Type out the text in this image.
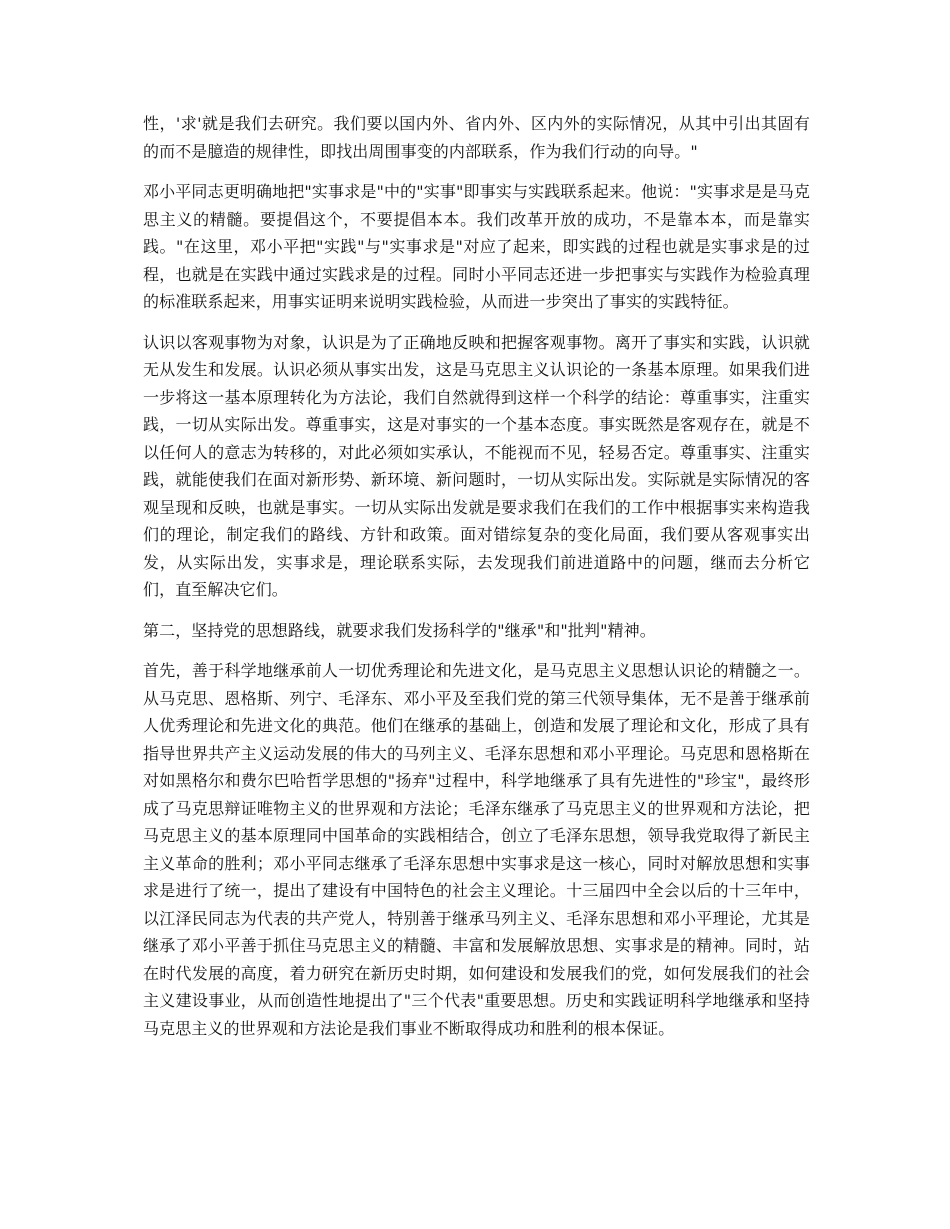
性，'求'就是我们去研究。我们要以国内外、省内外、区内外的实际情况，从其中引出其固有的而不是臆造的规律性，即找出周围事变的内部联系，作为我们行动的向导。"

邓小平同志更明确地把"实事求是"中的"实事"即事实与实践联系起来。他说："实事求是是马克思主义的精髓。要提倡这个，不要提倡本本。我们改革开放的成功，不是靠本本，而是靠实践。"在这里，邓小平把"实践"与"实事求是"对应了起来，即实践的过程也就是实事求是的过程，也就是在实践中通过实践求是的过程。同时小平同志还进一步把事实与实践作为检验真理的标准联系起来，用事实证明来说明实践检验，从而进一步突出了事实的实践特征。

认识以客观事物为对象，认识是为了正确地反映和把握客观事物。离开了事实和实践，认识就无从发生和发展。认识必须从事实出发，这是马克思主义认识论的一条基本原理。如果我们进一步将这一基本原理转化为方法论，我们自然就得到这样一个科学的结论：尊重事实，注重实践，一切从实际出发。尊重事实，这是对事实的一个基本态度。事实既然是客观存在，就是不以任何人的意志为转移的，对此必须如实承认，不能视而不见，轻易否定。尊重事实、注重实践，就能使我们在面对新形势、新环境、新问题时，一切从实际出发。实际就是实际情况的客观呈现和反映，也就是事实。一切从实际出发就是要求我们在我们的工作中根据事实来构造我们的理论，制定我们的路线、方针和政策。面对错综复杂的变化局面，我们要从客观事实出发，从实际出发，实事求是，理论联系实际，去发现我们前进道路中的问题，继而去分析它们，直至解决它们。

第二，坚持党的思想路线，就要求我们发扬科学的"继承"和"批判"精神。

首先，善于科学地继承前人一切优秀理论和先进文化，是马克思主义思想认识论的精髓之一。从马克思、恩格斯、列宁、毛泽东、邓小平及至我们党的第三代领导集体，无不是善于继承前人优秀理论和先进文化的典范。他们在继承的基础上，创造和发展了理论和文化，形成了具有指导世界共产主义运动发展的伟大的马列主义、毛泽东思想和邓小平理论。马克思和恩格斯在对如黑格尔和费尔巴哈哲学思想的"扬弃"过程中，科学地继承了具有先进性的"珍宝"，最终形成了马克思辩证唯物主义的世界观和方法论；毛泽东继承了马克思主义的世界观和方法论，把马克思主义的基本原理同中国革命的实践相结合，创立了毛泽东思想，领导我党取得了新民主主义革命的胜利；邓小平同志继承了毛泽东思想中实事求是这一核心，同时对解放思想和实事求是进行了统一，提出了建设有中国特色的社会主义理论。十三届四中全会以后的十三年中，以江泽民同志为代表的共产党人，特别善于继承马列主义、毛泽东思想和邓小平理论，尤其是继承了邓小平善于抓住马克思主义的精髓、丰富和发展解放思想、实事求是的精神。同时，站在时代发展的高度，着力研究在新历史时期，如何建设和发展我们的党，如何发展我们的社会主义建设事业，从而创造性地提出了"三个代表"重要思想。历史和实践证明科学地继承和坚持马克思主义的世界观和方法论是我们事业不断取得成功和胜利的根本保证。
